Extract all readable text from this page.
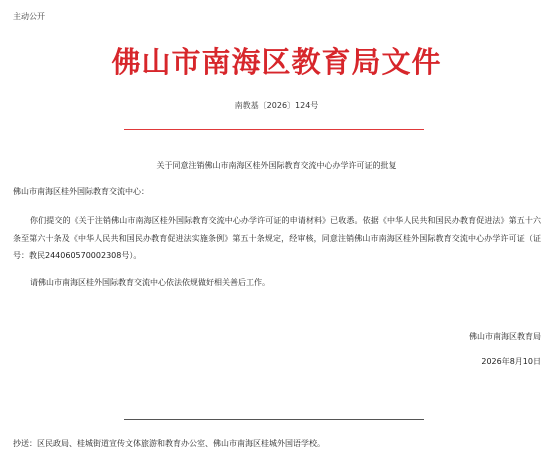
主动公开
佛山市南海区教育局文件
南教基〔2026〕124号
关于同意注销佛山市南海区桂外国际教育交流中心办学许可证的批复
佛山市南海区桂外国际教育交流中心：
你们提交的《关于注销佛山市南海区桂外国际教育交流中心办学许可证的申请材料》已收悉。依据《中华人民共和国民办教育促进法》第五十六条至第六十条及《中华人民共和国民办教育促进法实施条例》第五十条规定，经审核，同意注销佛山市南海区桂外国际教育交流中心办学许可证（证号：教民244060570002308号）。
请佛山市南海区桂外国际教育交流中心依法依规做好相关善后工作。
佛山市南海区教育局
2026年8月10日
抄送：区民政局、桂城街道宣传文体旅游和教育办公室、佛山市南海区桂城外国语学校。
